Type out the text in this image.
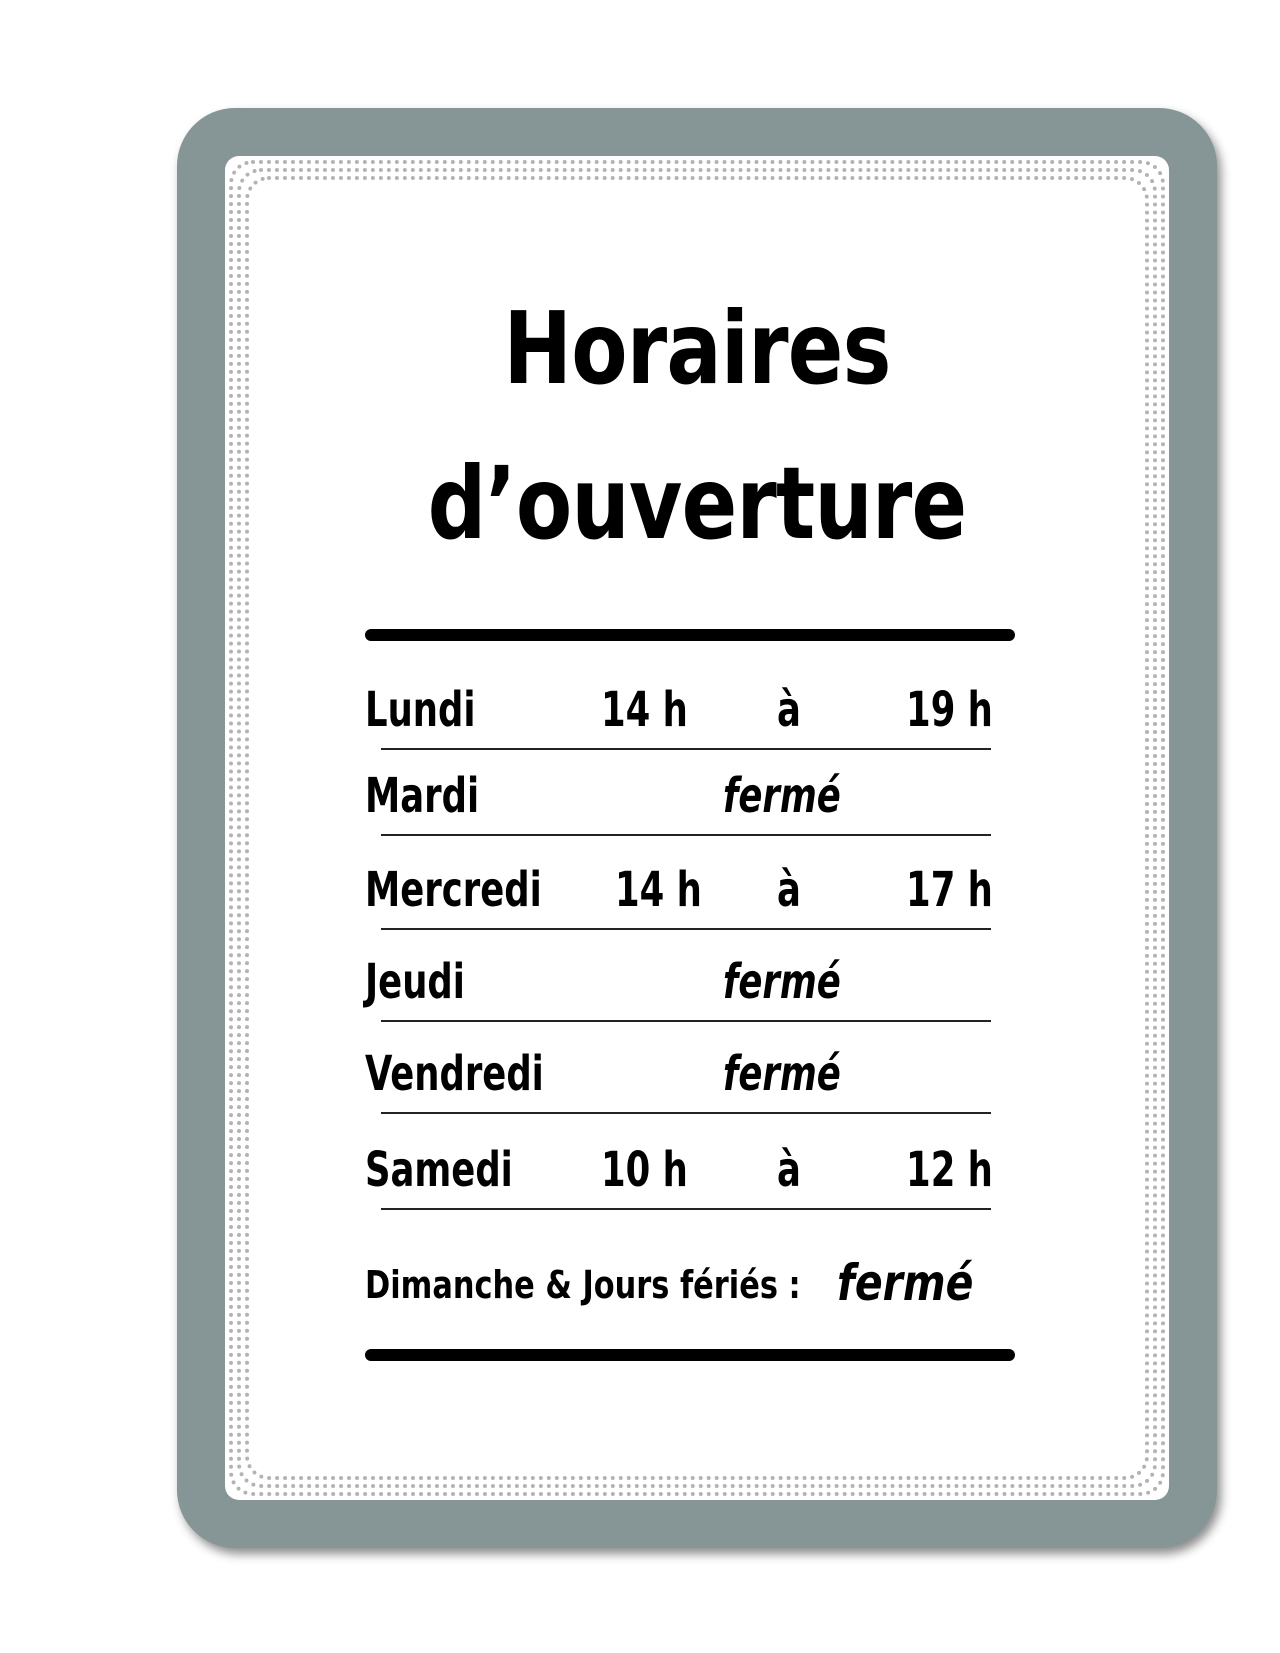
Horaires
d’ouverture
Lundi	14 h à 19 h
Mardi	fermé
Mercredi 14 h à 17 h
Jeudi	fermé
Vendredi	fermé
Samedi 10 h à 12 h
Dimanche & Jours fériés : fermé
